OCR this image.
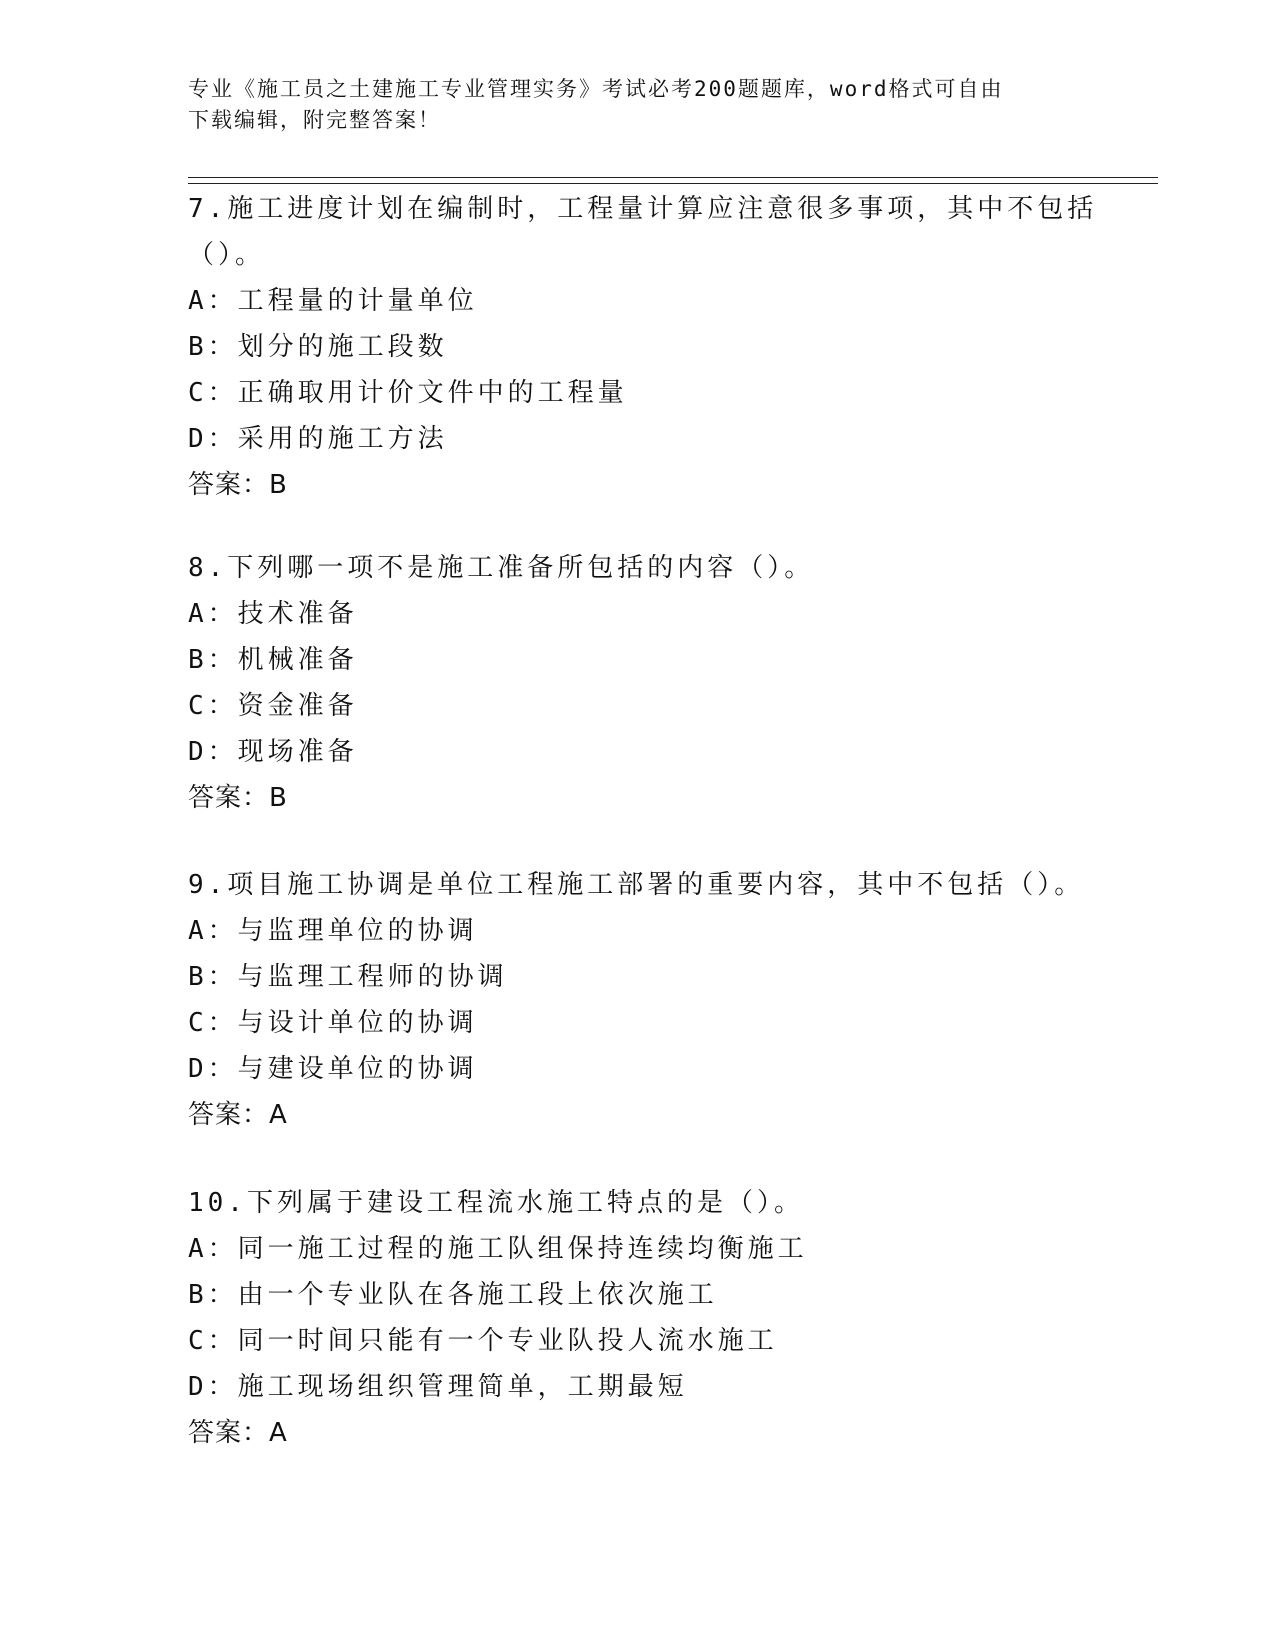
专业《施工员之土建施工专业管理实务》考试必考200题题库，word格式可自由
下载编辑，附完整答案！
7.施工进度计划在编制时，工程量计算应注意很多事项，其中不包括
（）。
A：工程量的计量单位
B：划分的施工段数
C：正确取用计价文件中的工程量
D：采用的施工方法
答案：B
8.下列哪一项不是施工准备所包括的内容（）。
A：技术准备
B：机械准备
C：资金准备
D：现场准备
答案：B
9.项目施工协调是单位工程施工部署的重要内容，其中不包括（）。
A：与监理单位的协调
B：与监理工程师的协调
C：与设计单位的协调
D：与建设单位的协调
答案：A
10.下列属于建设工程流水施工特点的是（）。
A：同一施工过程的施工队组保持连续均衡施工
B：由一个专业队在各施工段上依次施工
C：同一时间只能有一个专业队投人流水施工
D：施工现场组织管理简单，工期最短
答案：A
